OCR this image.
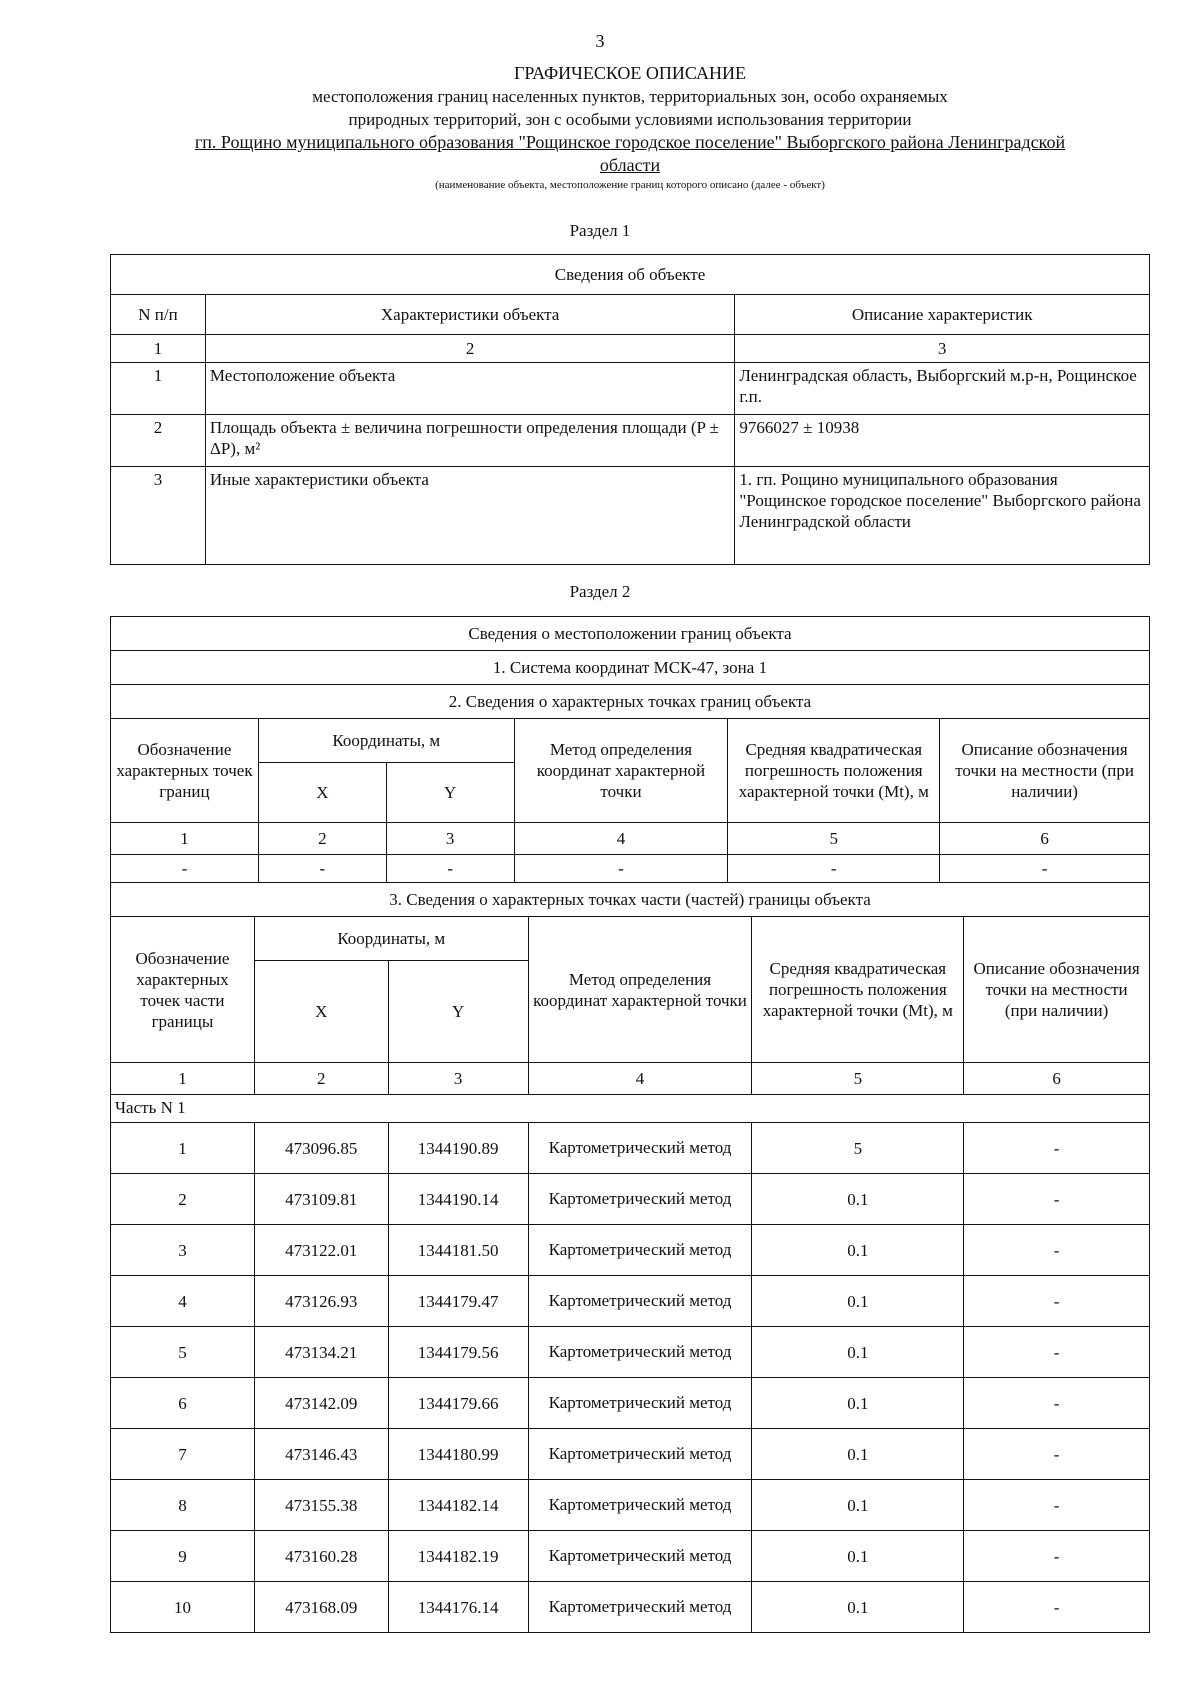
3
ГРАФИЧЕСКОЕ ОПИСАНИЕ
местоположения границ населенных пунктов, территориальных зон, особо охраняемых
природных территорий, зон с особыми условиями использования территории
гп. Рощино муниципального образования "Рощинское городское поселение" Выборгского района Ленинградской
области
(наименование объекта, местоположение границ которого описано (далее - объект)
Раздел 1
Сведения об объекте		
N п/п	Характеристики объекта	Описание характеристик
1	2	3
1	Местоположение объекта	Ленинградская область, Выборгский м.р-н, Рощинское г.п.
2	Площадь объекта ± величина погрешности определения площади (P ± ΔP), м²	9766027 ± 10938
3	Иные характеристики объекта	1. гп. Рощино муниципального образования "Рощинское городское поселение" Выборгского района Ленинградской области
Раздел 2
Сведения о местоположении границ объекта					
1. Система координат МСК-47, зона 1					
2. Сведения о характерных точках границ объекта					
Обозначение характерных точек границ	Координаты, м		Метод определения координат характерной точки	Средняя квадратическая погрешность положения характерной точки (Mt), м	Описание обозначения точки на местности (при наличии)
	X	Y			
1	2	3	4	5	6
-	-	-	-	-	-
3. Сведения о характерных точках части (частей) границы объекта					
Обозначение характерных точек части границы	Координаты, м		Метод определения координат характерной точки	Средняя квадратическая погрешность положения характерной точки (Mt), м	Описание обозначения точки на местности (при наличии)
	X	Y			
1	2	3	4	5	6
Часть N 1					
1	473096.85	1344190.89	Картометрический метод	5	-
2	473109.81	1344190.14	Картометрический метод	0.1	-
3	473122.01	1344181.50	Картометрический метод	0.1	-
4	473126.93	1344179.47	Картометрический метод	0.1	-
5	473134.21	1344179.56	Картометрический метод	0.1	-
6	473142.09	1344179.66	Картометрический метод	0.1	-
7	473146.43	1344180.99	Картометрический метод	0.1	-
8	473155.38	1344182.14	Картометрический метод	0.1	-
9	473160.28	1344182.19	Картометрический метод	0.1	-
10	473168.09	1344176.14	Картометрический метод	0.1	-
